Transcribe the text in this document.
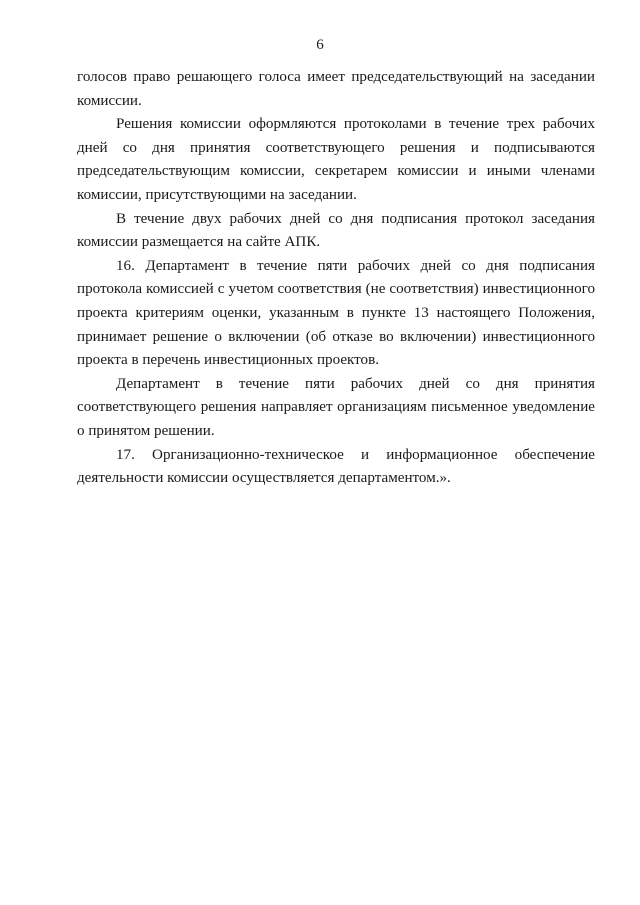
6

голосов право решающего голоса имеет председательствующий на заседании комиссии.

Решения комиссии оформляются протоколами в течение трех рабочих дней со дня принятия соответствующего решения и подписываются председательствующим комиссии, секретарем комиссии и иными членами комиссии, присутствующими на заседании.

В течение двух рабочих дней со дня подписания протокол заседания комиссии размещается на сайте АПК.

16. Департамент в течение пяти рабочих дней со дня подписания протокола комиссией с учетом соответствия (не соответствия) инвестиционного проекта критериям оценки, указанным в пункте 13 настоящего Положения, принимает решение о включении (об отказе во включении) инвестиционного проекта в перечень инвестиционных проектов.

Департамент в течение пяти рабочих дней со дня принятия соответствующего решения направляет организациям письменное уведомление о принятом решении.

17. Организационно-техническое и информационное обеспечение деятельности комиссии осуществляется департаментом.».
